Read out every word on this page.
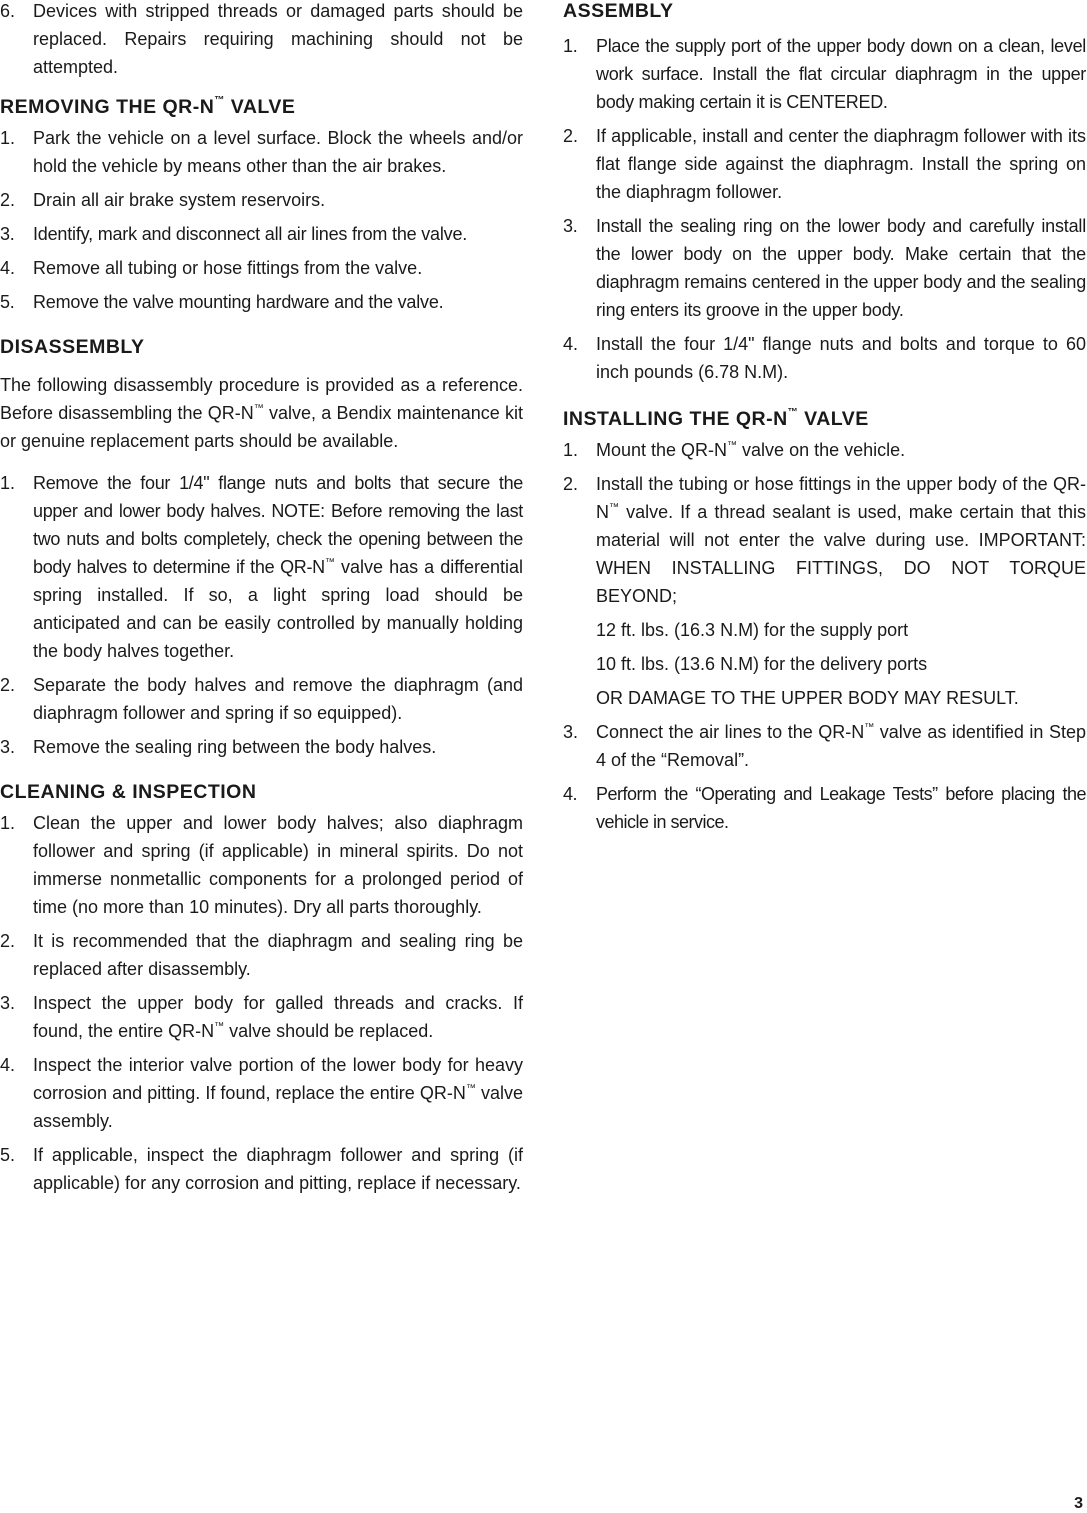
6. Devices with stripped threads or damaged parts should be replaced. Repairs requiring machining should not be attempted.
REMOVING THE QR-N™ VALVE
1. Park the vehicle on a level surface. Block the wheels and/or hold the vehicle by means other than the air brakes.
2. Drain all air brake system reservoirs.
3. Identify, mark and disconnect all air lines from the valve.
4. Remove all tubing or hose fittings from the valve.
5. Remove the valve mounting hardware and the valve.
DISASSEMBLY

The following disassembly procedure is provided as a reference. Before disassembling the QR-N™ valve, a Bendix maintenance kit or genuine replacement parts should be available.

1. Remove the four 1/4" flange nuts and bolts that secure the upper and lower body halves. NOTE: Before removing the last two nuts and bolts completely, check the opening between the body halves to determine if the QR-N™ valve has a differential spring installed. If so, a light spring load should be anticipated and can be easily controlled by manually holding the body halves together.
2. Separate the body halves and remove the diaphragm (and diaphragm follower and spring if so equipped).
3. Remove the sealing ring between the body halves.
CLEANING & INSPECTION
1. Clean the upper and lower body halves; also diaphragm follower and spring (if applicable) in mineral spirits. Do not immerse nonmetallic components for a prolonged period of time (no more than 10 minutes). Dry all parts thoroughly.
2. It is recommended that the diaphragm and sealing ring be replaced after disassembly.
3. Inspect the upper body for galled threads and cracks. If found, the entire QR-N™ valve should be replaced.
4. Inspect the interior valve portion of the lower body for heavy corrosion and pitting. If found, replace the entire QR-N™ valve assembly.
5. If applicable, inspect the diaphragm follower and spring (if applicable) for any corrosion and pitting, replace if necessary.
ASSEMBLY
1. Place the supply port of the upper body down on a clean, level work surface. Install the flat circular diaphragm in the upper body making certain it is CENTERED.
2. If applicable, install and center the diaphragm follower with its flat flange side against the diaphragm. Install the spring on the diaphragm follower.
3. Install the sealing ring on the lower body and carefully install the lower body on the upper body. Make certain that the diaphragm remains centered in the upper body and the sealing ring enters its groove in the upper body.
4. Install the four 1/4" flange nuts and bolts and torque to 60 inch pounds (6.78 N.M).
INSTALLING THE QR-N™ VALVE
1. Mount the QR-N™ valve on the vehicle.
2. Install the tubing or hose fittings in the upper body of the QR-N™ valve. If a thread sealant is used, make certain that this material will not enter the valve during use. IMPORTANT: WHEN INSTALLING FITTINGS, DO NOT TORQUE BEYOND;

12 ft. lbs. (16.3 N.M) for the supply port

10 ft. lbs. (13.6 N.M) for the delivery ports

OR DAMAGE TO THE UPPER BODY MAY RESULT.

3. Connect the air lines to the QR-N™ valve as identified in Step 4 of the “Removal”.
4. Perform the “Operating and Leakage Tests” before placing the vehicle in service.
3
